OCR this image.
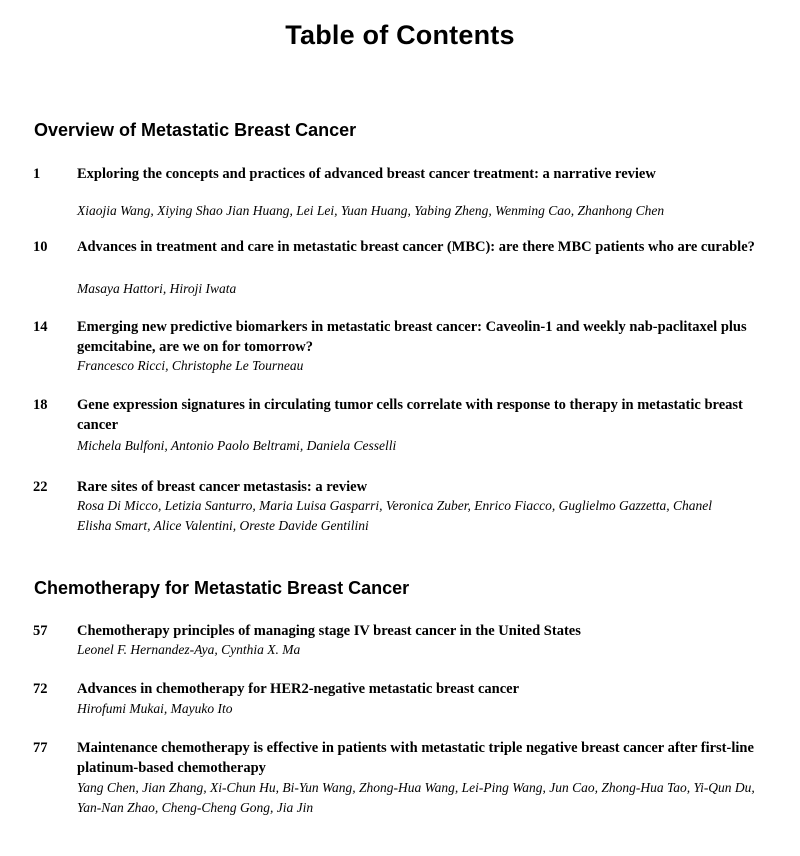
Table of Contents
Overview of Metastatic Breast Cancer
1	Exploring the concepts and practices of advanced breast cancer treatment: a narrative review
Xiaojia Wang, Xiying Shao Jian Huang, Lei Lei, Yuan Huang, Yabing Zheng, Wenming Cao, Zhanhong Chen
10 Advances in treatment and care in metastatic breast cancer (MBC): are there MBC patients who are curable?
Masaya Hattori, Hiroji Iwata
14 Emerging new predictive biomarkers in metastatic breast cancer: Caveolin-1 and weekly nab-paclitaxel plus gemcitabine, are we on for tomorrow?
Francesco Ricci, Christophe Le Tourneau
18 Gene expression signatures in circulating tumor cells correlate with response to therapy in metastatic breast cancer
Michela Bulfoni, Antonio Paolo Beltrami, Daniela Cesselli
22 Rare sites of breast cancer metastasis: a review
Rosa Di Micco, Letizia Santurro, Maria Luisa Gasparri, Veronica Zuber, Enrico Fiacco, Guglielmo Gazzetta, Chanel Elisha Smart, Alice Valentini, Oreste Davide Gentilini
Chemotherapy for Metastatic Breast Cancer
57 Chemotherapy principles of managing stage IV breast cancer in the United States
Leonel F. Hernandez-Aya, Cynthia X. Ma
72 Advances in chemotherapy for HER2-negative metastatic breast cancer
Hirofumi Mukai, Mayuko Ito
77 Maintenance chemotherapy is effective in patients with metastatic triple negative breast cancer after first-line platinum-based chemotherapy
Yang Chen, Jian Zhang, Xi-Chun Hu, Bi-Yun Wang, Zhong-Hua Wang, Lei-Ping Wang, Jun Cao, Zhong-Hua Tao, Yi-Qun Du, Yan-Nan Zhao, Cheng-Cheng Gong, Jia Jin
